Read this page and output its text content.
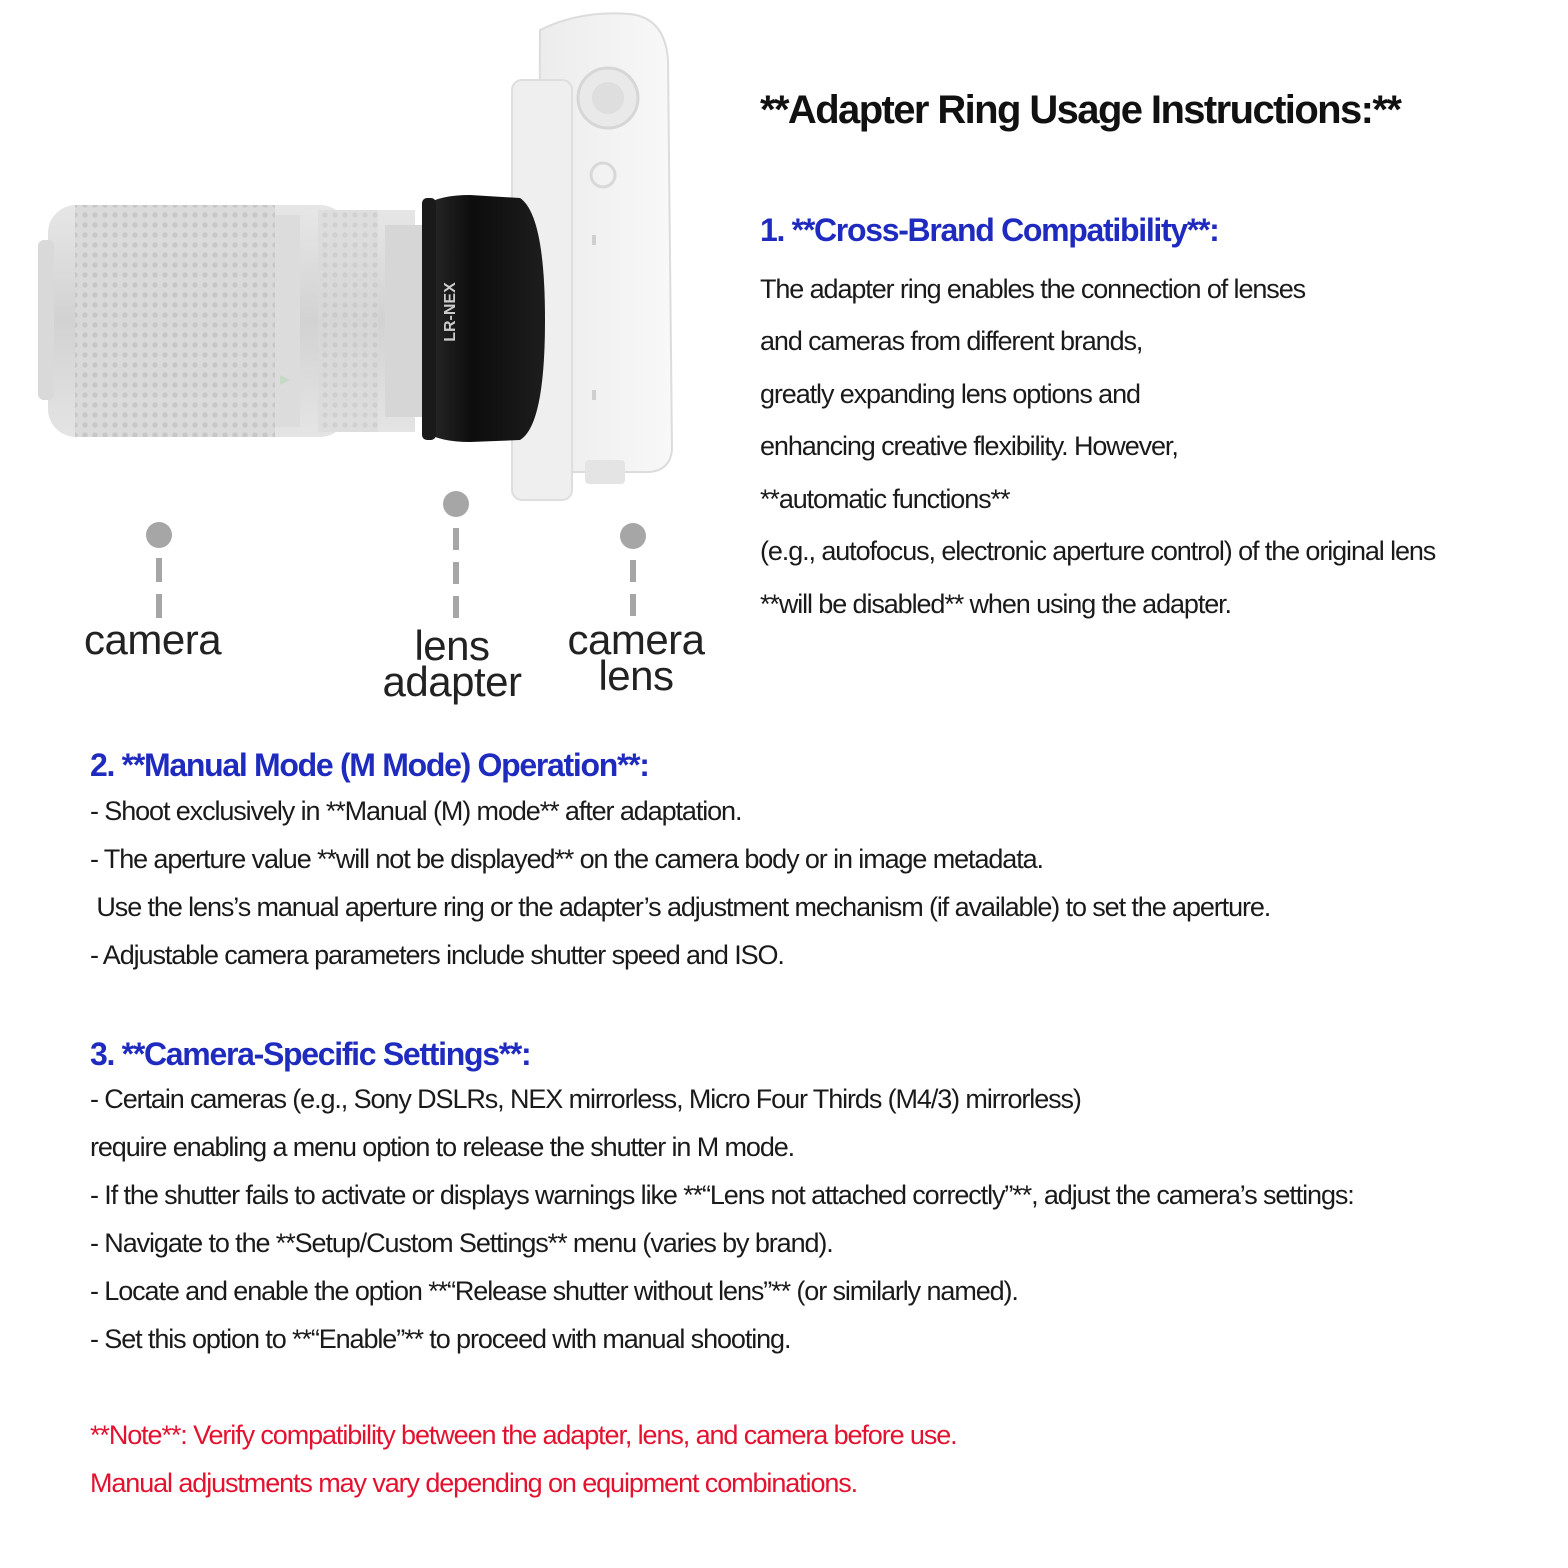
LR-NEX
camera	lens
adapter
camera
lens
**Adapter Ring Usage Instructions:**
1. **Cross-Brand Compatibility**:
The adapter ring enables the connection of lenses
and cameras from different brands,
greatly expanding lens options and
enhancing creative flexibility. However,
**automatic functions**
(e.g., autofocus, electronic aperture control) of the original lens
**will be disabled** when using the adapter.
2. **Manual Mode (M Mode) Operation**:
- Shoot exclusively in **Manual (M) mode** after adaptation.
- The aperture value **will not be displayed** on the camera body or in image metadata.
Use the lens’s manual aperture ring or the adapter’s adjustment mechanism (if available) to set the aperture.
- Adjustable camera parameters include shutter speed and ISO.
3. **Camera-Specific Settings**:
- Certain cameras (e.g., Sony DSLRs, NEX mirrorless, Micro Four Thirds (M4/3) mirrorless)
require enabling a menu option to release the shutter in M mode.
- If the shutter fails to activate or displays warnings like **“Lens not attached correctly”**, adjust the camera’s settings:
- Navigate to the **Setup/Custom Settings** menu (varies by brand).
- Locate and enable the option **“Release shutter without lens”** (or similarly named).
- Set this option to **“Enable”** to proceed with manual shooting.
**Note**: Verify compatibility between the adapter, lens, and camera before use.
Manual adjustments may vary depending on equipment combinations.
